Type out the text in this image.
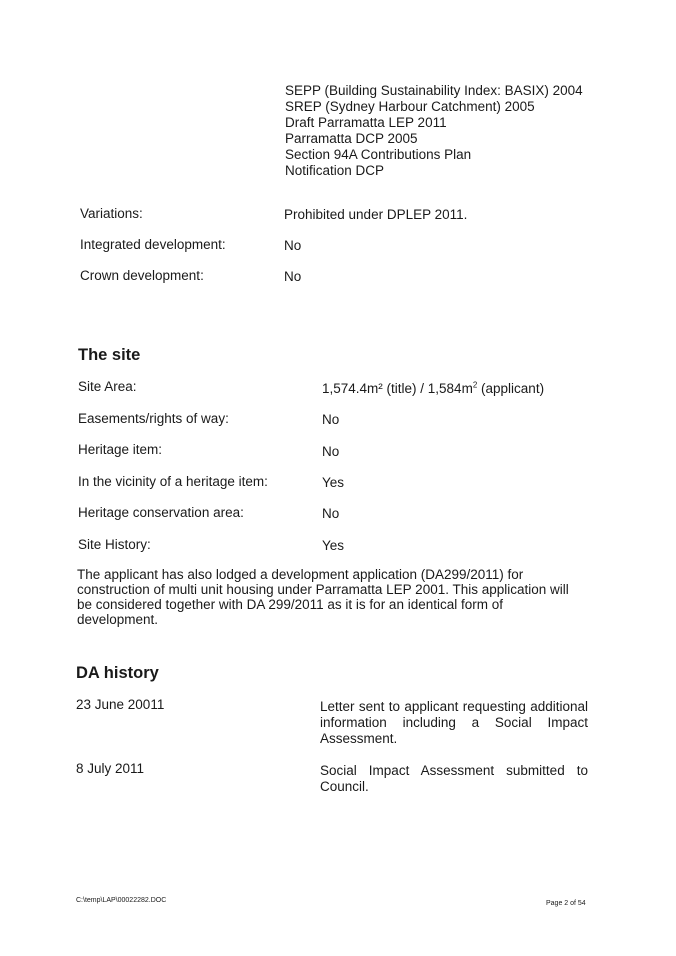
SEPP (Building Sustainability Index: BASIX) 2004
SREP (Sydney Harbour Catchment) 2005
Draft Parramatta LEP 2011
Parramatta DCP 2005
Section 94A Contributions Plan
Notification DCP
Variations:	Prohibited under DPLEP 2011.
Integrated development:	No
Crown development:	No
The site
Site Area:	1,574.4m² (title) / $1,584m^2$ (applicant)
Easements/rights of way:	No
Heritage item:	No
In the vicinity of a heritage item:	Yes
Heritage conservation area:	No
Site History:	Yes
The applicant has also lodged a development application (DA299/2011) for construction of multi unit housing under Parramatta LEP 2001. This application will be considered together with DA 299/2011 as it is for an identical form of development.
DA history
23 June 20011	Letter sent to applicant requesting additional information including a Social Impact Assessment.
8 July 2011	Social Impact Assessment submitted to Council.
C:\temp\LAP\00022282.DOC	Page 2 of 54
